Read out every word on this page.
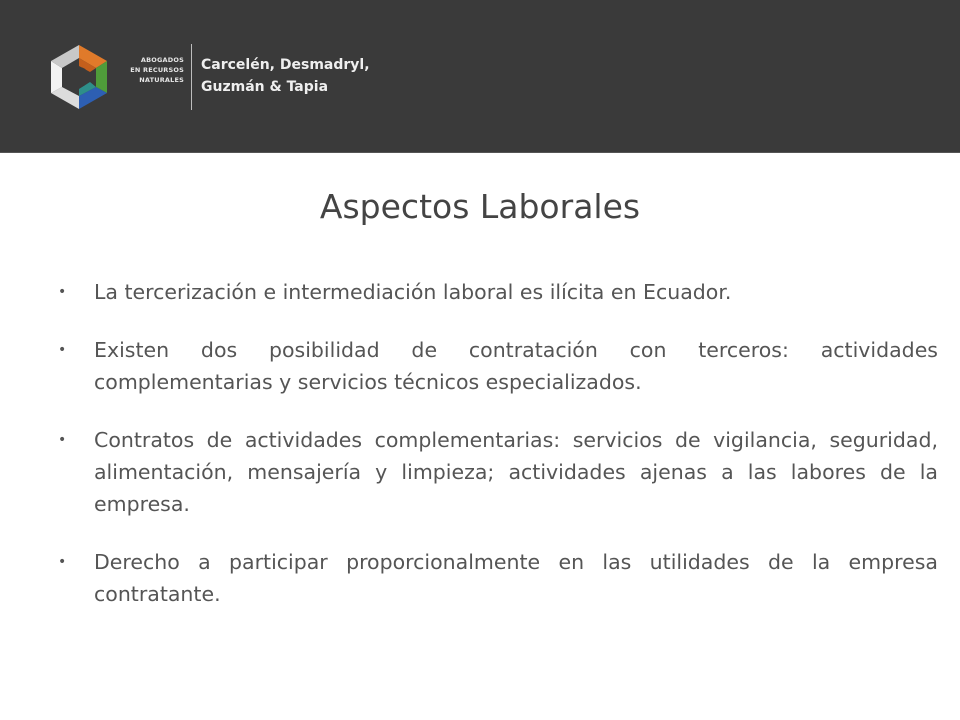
ABOGADOS
EN RECURSOS
NATURALES
Carcelén, Desmadryl,
Guzmán & Tapia
Aspectos Laborales
• La tercerización e intermediación laboral es ilícita en Ecuador.
• Existen dos posibilidad de contratación con terceros: actividades complementarias y servicios técnicos especializados.
• Contratos de actividades complementarias: servicios de vigilancia, seguridad, alimentación, mensajería y limpieza; actividades ajenas a las labores de la empresa.
• Derecho a participar proporcionalmente en las utilidades de la empresa contratante.
